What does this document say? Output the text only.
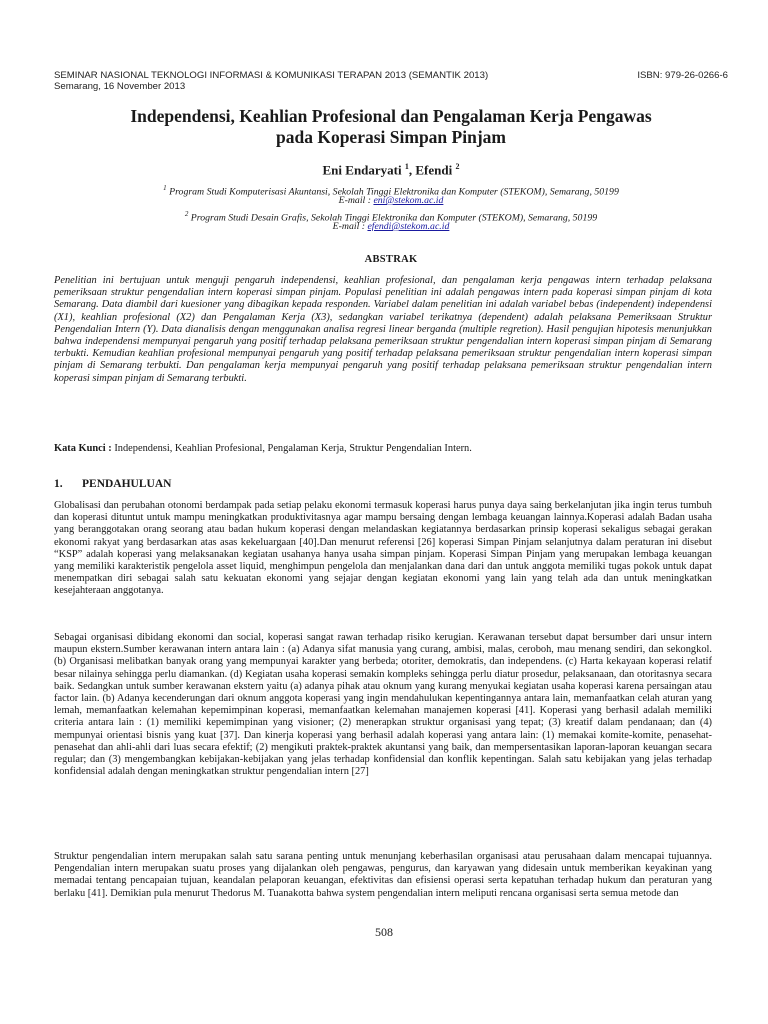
SEMINAR NASIONAL TEKNOLOGI INFORMASI & KOMUNIKASI TERAPAN 2013 (SEMANTIK 2013)
Semarang, 16 November 2013
ISBN: 979-26-0266-6
Independensi, Keahlian Profesional dan Pengalaman Kerja Pengawas
pada Koperasi Simpan Pinjam
Eni Endaryati $^1$, Efendi $^2$
$^1$ Program Studi Komputerisasi Akuntansi, Sekolah Tinggi Elektronika dan Komputer (STEKOM), Semarang, 50199
E-mail : eni@stekom.ac.id
$^2$ Program Studi Desain Grafis, Sekolah Tinggi Elektronika dan Komputer (STEKOM), Semarang, 50199
E-mail : efendi@stekom.ac.id
ABSTRAK
Penelitian ini bertujuan untuk menguji pengaruh independensi, keahlian profesional, dan pengalaman kerja pengawas intern terhadap pelaksana pemeriksaan struktur pengendalian intern koperasi simpan pinjam. Populasi penelitian ini adalah pengawas intern pada koperasi simpan pinjam di kota Semarang. Data diambil dari kuesioner yang dibagikan kepada responden. Variabel dalam penelitian ini adalah variabel bebas (independent) independensi (X1), keahlian profesional (X2) dan Pengalaman Kerja (X3), sedangkan variabel terikatnya (dependent) adalah pelaksana Pemeriksaan Struktur Pengendalian Intern (Y). Data dianalisis dengan menggunakan analisa regresi linear berganda (multiple regretion). Hasil pengujian hipotesis menunjukkan bahwa independensi mempunyai pengaruh yang positif terhadap pelaksana pemeriksaan struktur pengendalian intern koperasi simpan pinjam di Semarang terbukti. Kemudian keahlian profesional mempunyai pengaruh yang positif terhadap pelaksana pemeriksaan struktur pengendalian intern koperasi simpan pinjam di Semarang terbukti. Dan pengalaman kerja mempunyai pengaruh yang positif terhadap pelaksana pemeriksaan struktur pengendalian intern koperasi simpan pinjam di Semarang terbukti.
Kata Kunci : Independensi, Keahlian Profesional, Pengalaman Kerja, Struktur Pengendalian Intern.
1. PENDAHULUAN
Globalisasi dan perubahan otonomi berdampak pada setiap pelaku ekonomi termasuk koperasi harus punya daya saing berkelanjutan jika ingin terus tumbuh dan koperasi dituntut untuk mampu meningkatkan produktivitasnya agar mampu bersaing dengan lembaga keuangan lainnya.Koperasi adalah Badan usaha yang beranggotakan orang seorang atau badan hukum koperasi dengan melandaskan kegiatannya berdasarkan prinsip koperasi sekaligus sebagai gerakan ekonomi rakyat yang berdasarkan atas asas kekeluargaan [40].Dan menurut referensi [26] koperasi Simpan Pinjam selanjutnya dalam peraturan ini disebut “KSP” adalah koperasi yang melaksanakan kegiatan usahanya hanya usaha simpan pinjam. Koperasi Simpan Pinjam yang merupakan lembaga keuangan yang memiliki karakteristik pengelola asset liquid, menghimpun pengelola dan menjalankan dana dari dan untuk anggota memiliki tugas pokok untuk dapat menempatkan diri sebagai salah satu kekuatan ekonomi yang sejajar dengan kegiatan ekonomi yang lain yang telah ada dan untuk meningkatkan kesejahteraan anggotanya.
Sebagai organisasi dibidang ekonomi dan social, koperasi sangat rawan terhadap risiko kerugian. Kerawanan tersebut dapat bersumber dari unsur intern maupun ekstern.Sumber kerawanan intern antara lain : (a) Adanya sifat manusia yang curang, ambisi, malas, ceroboh, mau menang sendiri, dan sekongkol. (b) Organisasi melibatkan banyak orang yang mempunyai karakter yang berbeda; otoriter, demokratis, dan independens. (c) Harta kekayaan koperasi relatif besar nilainya sehingga perlu diamankan. (d) Kegiatan usaha koperasi semakin kompleks sehingga perlu diatur prosedur, pelaksanaan, dan otoritasnya secara baik. Sedangkan untuk sumber kerawanan ekstern yaitu (a) adanya pihak atau oknum yang kurang menyukai kegiatan usaha koperasi karena persaingan atau factor lain. (b) Adanya kecenderungan dari oknum anggota koperasi yang ingin mendahulukan kepentingannya antara lain, memanfaatkan celah aturan yang lemah, memanfaatkan kelemahan kepemimpinan koperasi, memanfaatkan kelemahan manajemen koperasi [41]. Koperasi yang berhasil adalah memiliki criteria antara lain : (1) memiliki kepemimpinan yang visioner; (2) menerapkan struktur organisasi yang tepat; (3) kreatif dalam pendanaan; dan (4) mempunyai orientasi bisnis yang kuat [37]. Dan kinerja koperasi yang berhasil adalah koperasi yang antara lain: (1) memakai komite-komite, penasehat-penasehat dan ahli-ahli dari luas secara efektif; (2) mengikuti praktek-praktek akuntansi yang baik, dan mempersentasikan laporan-laporan keuangan secara regular; dan (3) mengembangkan kebijakan-kebijakan yang jelas terhadap konfidensial dan konflik kepentingan. Salah satu kebijakan yang jelas terhadap konfidensial adalah dengan meningkatkan struktur pengendalian intern [27]
Struktur pengendalian intern merupakan salah satu sarana penting untuk menunjang keberhasilan organisasi atau perusahaan dalam mencapai tujuannya. Pengendalian intern merupakan suatu proses yang dijalankan oleh pengawas, pengurus, dan karyawan yang didesain untuk memberikan keyakinan yang memadai tentang pencapaian tujuan, keandalan pelaporan keuangan, efektivitas dan efisiensi operasi serta kepatuhan terhadap hukum dan peraturan yang berlaku [41]. Demikian pula menurut Thedorus M. Tuanakotta bahwa system pengendalian intern meliputi rencana organisasi serta semua metode dan
508
